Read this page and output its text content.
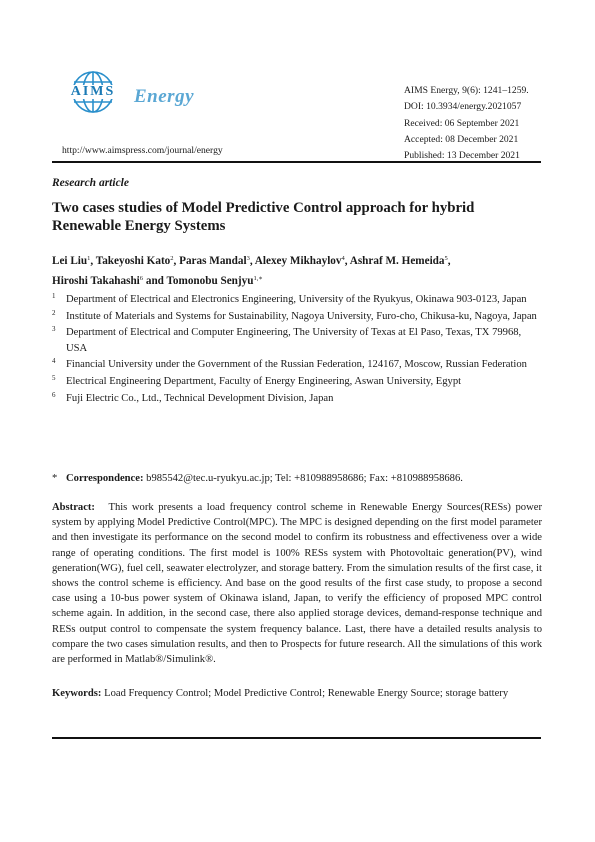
AIMS Energy
http://www.aimspress.com/journal/energy
AIMS Energy, 9(6): 1241–1259.
DOI: 10.3934/energy.2021057
Received: 06 September 2021
Accepted: 08 December 2021
Published: 13 December 2021
Research article
Two cases studies of Model Predictive Control approach for hybrid
Renewable Energy Systems
Lei Liu$^1$, Takeyoshi Kato$^2$, Paras Mandal$^3$, Alexey Mikhaylov$^4$, Ashraf M. Hemeida$^5$,
Hiroshi Takahashi$^6$ and Tomonobu Senjyu$^{1,∗}$
1 Department of Electrical and Electronics Engineering, University of the Ryukyus, Okinawa 903-0123, Japan
2 Institute of Materials and Systems for Sustainability, Nagoya University, Furo-cho, Chikusa-ku, Nagoya, Japan
3 Department of Electrical and Computer Engineering, The University of Texas at El Paso, Texas, TX 79968, USA
4 Financial University under the Government of the Russian Federation, 124167, Moscow, Russian Federation
5 Electrical Engineering Department, Faculty of Energy Engineering, Aswan University, Egypt
6 Fuji Electric Co., Ltd., Technical Development Division, Japan
* Correspondence: b985542@tec.u-ryukyu.ac.jp; Tel: +810988958686; Fax: +810988958686.
Abstract: This work presents a load frequency control scheme in Renewable Energy Sources(RESs) power system by applying Model Predictive Control(MPC). The MPC is designed depending on the first model parameter and then investigate its performance on the second model to confirm its robustness and effectiveness over a wide range of operating conditions. The first model is 100% RESs system with Photovoltaic generation(PV), wind generation(WG), fuel cell, seawater electrolyzer, and storage battery. From the simulation results of the first case, it shows the control scheme is efficiency. And base on the good results of the first case study, to propose a second case using a 10-bus power system of Okinawa island, Japan, to verify the efficiency of proposed MPC control scheme again. In addition, in the second case, there also applied storage devices, demand-response technique and RESs output control to compensate the system frequency balance. Last, there have a detailed results analysis to compare the two cases simulation results, and then to Prospects for future research. All the simulations of this work are performed in Matlab®/Simulink®.
Keywords: Load Frequency Control; Model Predictive Control; Renewable Energy Source; storage battery
